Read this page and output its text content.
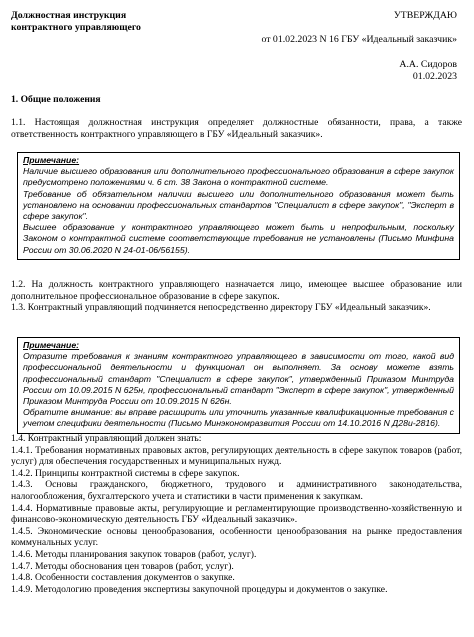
Должностная инструкция
контрактного управляющего
УТВЕРЖДАЮ
от 01.02.2023 N 16 ГБУ «Идеальный заказчик»
А.А. Сидоров
01.02.2023
1. Общие положения
1.1. Настоящая должностная инструкция определяет должностные обязанности, права, а также ответственность контрактного управляющего в ГБУ «Идеальный заказчик».
Примечание:
Наличие высшего образования или дополнительного профессионального образования в сфере закупок предусмотрено положениями ч. 6 ст. 38 Закона о контрактной системе.
Требование об обязательном наличии высшего или дополнительного образования может быть установлено на основании профессиональных стандартов "Специалист в сфере закупок", "Эксперт в сфере закупок".
Высшее образование у контрактного управляющего может быть и непрофильным, поскольку Законом о контрактной системе соответствующие требования не установлены (Письмо Минфина России от 30.06.2020 N 24-01-06/56155).
1.2. На должность контрактного управляющего назначается лицо, имеющее высшее образование или дополнительное профессиональное образование в сфере закупок.
1.3. Контрактный управляющий подчиняется непосредственно директору ГБУ «Идеальный заказчик».
Примечание:
Отразите требования к знаниям контрактного управляющего в зависимости от того, какой вид профессиональной деятельности и функционал он выполняет. За основу можете взять профессиональный стандарт "Специалист в сфере закупок", утвержденный Приказом Минтруда России от 10.09.2015 N 625н, профессиональный стандарт "Эксперт в сфере закупок", утвержденный Приказом Минтруда России от 10.09.2015 N 626н.
Обратите внимание: вы вправе расширить или уточнить указанные квалификационные требования с учетом специфики деятельности (Письмо Минэкономразвития России от 14.10.2016 N Д28и-2816).
1.4. Контрактный управляющий должен знать:
1.4.1. Требования нормативных правовых актов, регулирующих деятельность в сфере закупок товаров (работ, услуг) для обеспечения государственных и муниципальных нужд.
1.4.2. Принципы контрактной системы в сфере закупок.
1.4.3. Основы гражданского, бюджетного, трудового и административного законодательства, налогообложения, бухгалтерского учета и статистики в части применения к закупкам.
1.4.4. Нормативные правовые акты, регулирующие и регламентирующие производственно-хозяйственную и финансово-экономическую деятельность ГБУ «Идеальный заказчик».
1.4.5. Экономические основы ценообразования, особенности ценообразования на рынке предоставления коммунальных услуг.
1.4.6. Методы планирования закупок товаров (работ, услуг).
1.4.7. Методы обоснования цен товаров (работ, услуг).
1.4.8. Особенности составления документов о закупке.
1.4.9. Методологию проведения экспертизы закупочной процедуры и документов о закупке.
